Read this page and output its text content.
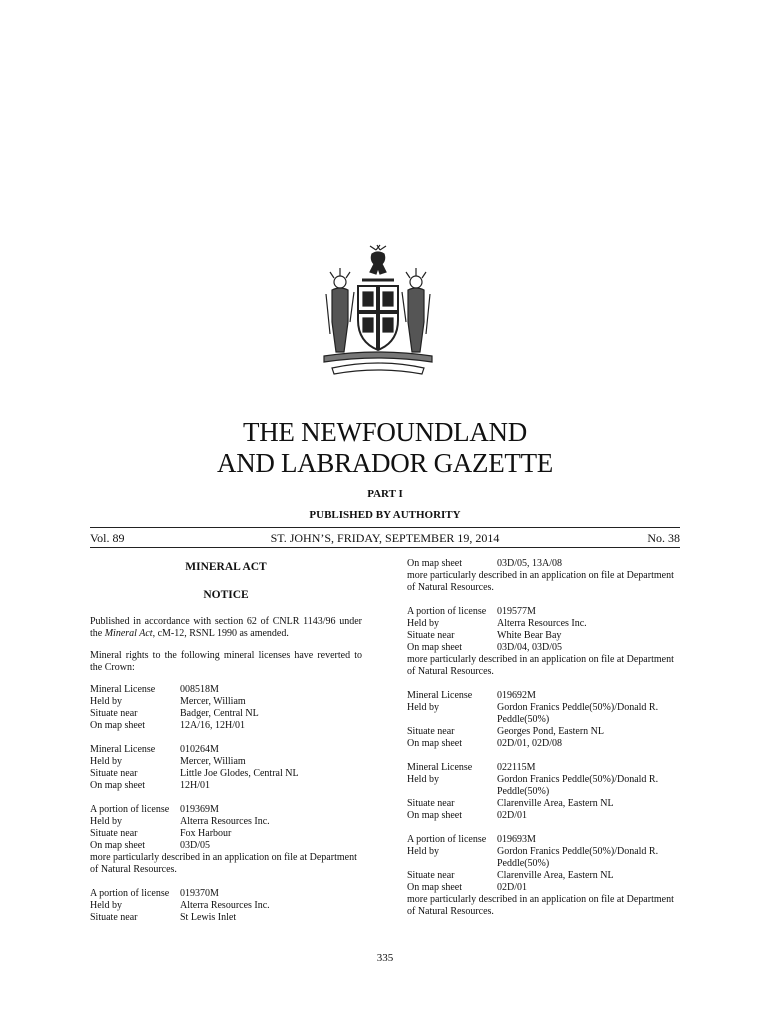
THE NEWFOUNDLAND
AND LABRADOR GAZETTE
PART I
PUBLISHED BY AUTHORITY
Vol. 89	ST. JOHN’S, FRIDAY, SEPTEMBER 19, 2014	No. 38
MINERAL ACT
NOTICE
Published in accordance with section 62 of CNLR 1143/96 under the Mineral Act, cM-12, RSNL 1990 as amended.
Mineral rights to the following mineral licenses have reverted to the Crown:
Mineral License	008518M
Held by	Mercer, William
Situate near	Badger, Central NL
On map sheet	12A/16, 12H/01
Mineral License	010264M
Held by	Mercer, William
Situate near	Little Joe Glodes, Central NL
On map sheet	12H/01
A portion of license	019369M
Held by	Alterra Resources Inc.
Situate near	Fox Harbour
On map sheet	03D/05
more particularly described in an application on file at Department of Natural Resources.
A portion of license	019370M
Held by	Alterra Resources Inc.
Situate near	St Lewis Inlet
On map sheet	03D/05, 13A/08
more particularly described in an application on file at Department of Natural Resources.
A portion of license	019577M
Held by	Alterra Resources Inc.
Situate near	White Bear Bay
On map sheet	03D/04, 03D/05
more particularly described in an application on file at Department of Natural Resources.
Mineral License	019692M
Held by	Gordon Franics Peddle(50%)/Donald R. Peddle(50%)
Situate near	Georges Pond, Eastern NL
On map sheet	02D/01, 02D/08
Mineral License	022115M
Held by	Gordon Franics Peddle(50%)/Donald R. Peddle(50%)
Situate near	Clarenville Area, Eastern NL
On map sheet	02D/01
A portion of license	019693M
Held by	Gordon Franics Peddle(50%)/Donald R. Peddle(50%)
Situate near	Clarenville Area, Eastern NL
On map sheet	02D/01
more particularly described in an application on file at Department of Natural Resources.
335
